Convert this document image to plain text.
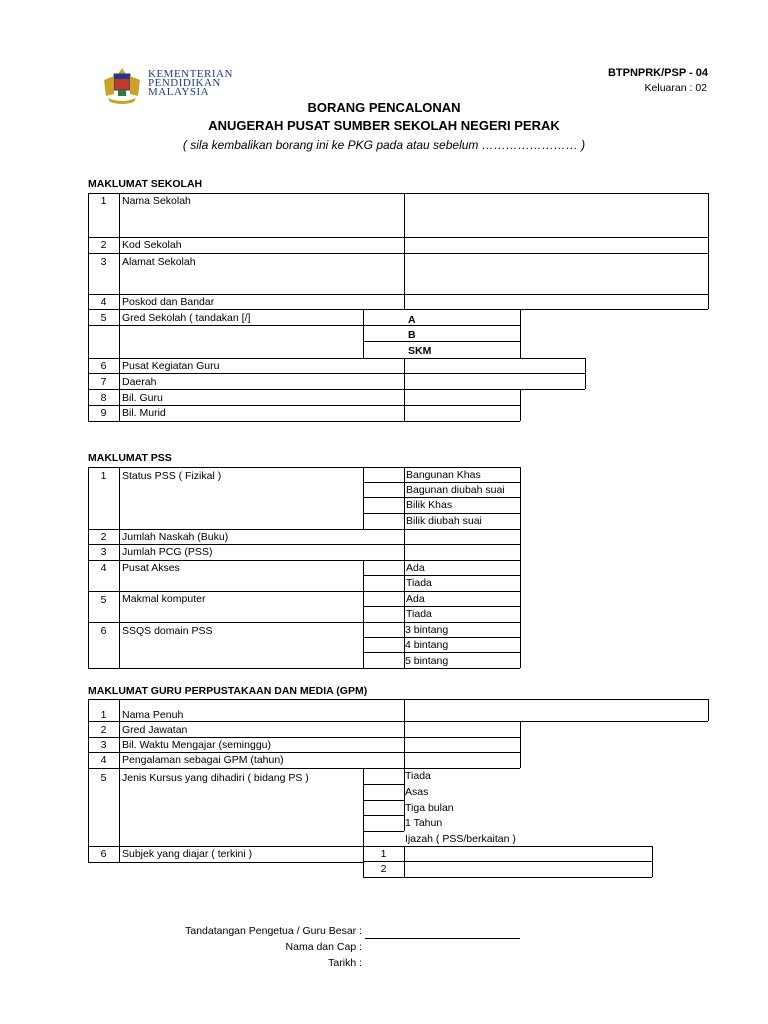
KEMENTERIAN
PENDIDIKAN
MALAYSIA
BTPNPRK/PSP - 04
Keluaran : 02
BORANG PENCALONAN
ANUGERAH PUSAT SUMBER SEKOLAH NEGERI PERAK
( sila kembalikan borang ini ke PKG pada atau sebelum …………………… )
MAKLUMAT SEKOLAH
1	Nama Sekolah
2	Kod Sekolah
3	Alamat Sekolah
4	Poskod dan Bandar
5	Gred Sekolah ( tandakan [/]	A
B
SKM
6	Pusat Kegiatan Guru
7	Daerah
8	Bil. Guru
9	Bil. Murid
MAKLUMAT PSS
1	Status PSS ( Fizikal )	Bangunan Khas
Bagunan diubah suai
Bilik Khas
Bilik diubah suai
2	Jumlah Naskah (Buku)
3	Jumlah PCG (PSS)
4	Pusat Akses	Ada
Tiada
5	Makmal komputer	Ada
Tiada
6	SSQS domain PSS	3 bintang
4 bintang
5 bintang
MAKLUMAT GURU PERPUSTAKAAN DAN MEDIA (GPM)
1	Nama Penuh
2	Gred Jawatan
3	Bil. Waktu Mengajar (seminggu)
4	Pengalaman sebagai GPM (tahun)
5	Jenis Kursus yang dihadiri ( bidang PS )	Tiada
Asas
Tiga bulan
1 Tahun
Ijazah ( PSS/berkaitan )
6	Subjek yang diajar ( terkini )	1
2
Tandatangan Pengetua / Guru Besar :
Nama dan Cap :
Tarikh :
